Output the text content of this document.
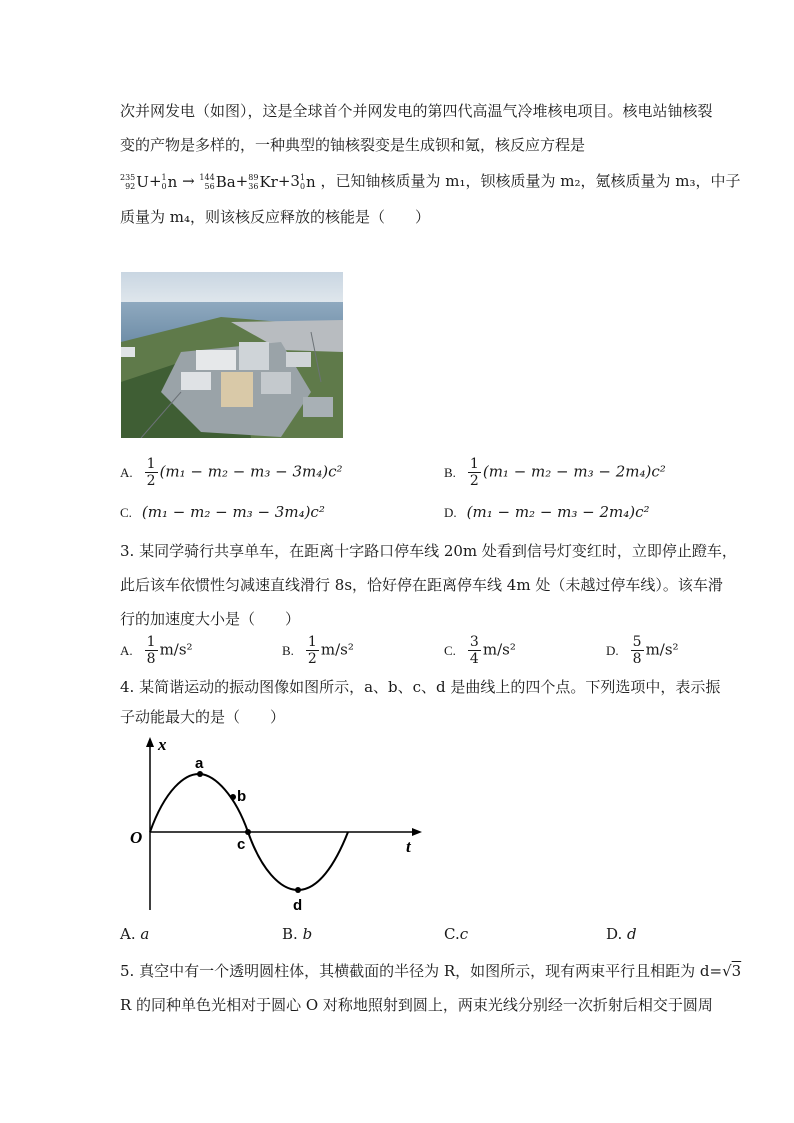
次并网发电（如图），这是全球首个并网发电的第四代高温气冷堆核电项目。核电站铀核裂
变的产物是多样的，一种典型的铀核裂变是生成钡和氪，核反应方程是
235
92 U + 1
0 n → 144
56 Ba + 89
36 Kr +3 1
0 n ，已知铀核质量为 m₁，钡核质量为 m₂，氪核质量为 m₃，中子
质量为 m₄，则该核反应释放的核能是（　　）
A. $\frac{1}{2} (m_1 - m_2 - m_3 - 3m_4)c^2$	B. $\frac{1}{2} (m_1 - m_2 - m_3 - 2m_4)c^2$
C. (m₁ − m₂ − m₃ − 3m₄)c²	D. (m₁ − m₂ − m₃ − 2m₄)c²
3. 某同学骑行共享单车，在距离十字路口停车线 20m 处看到信号灯变红时，立即停止蹬车，
此后该车依惯性匀减速直线滑行 8s，恰好停在距离停车线 4m 处（未越过停车线）。该车滑
行的加速度大小是（　　）
A. $\frac{1}{8} m/s^2$	B. $\frac{1}{2} m/s^2$	C. $\frac{3}{4} m/s^2$	D. $\frac{5}{8} m/s^2$
4. 某简谐运动的振动图像如图所示，a、b、c、d 是曲线上的四个点。下列选项中，表示振
子动能最大的是（　　）
x
t
O
a
b
c
d
A. a	B. b	C.c	D. d
5. 真空中有一个透明圆柱体，其横截面的半径为 R，如图所示，现有两束平行且相距为 d=√3
R 的同种单色光相对于圆心 O 对称地照射到圆上，两束光线分别经一次折射后相交于圆周
